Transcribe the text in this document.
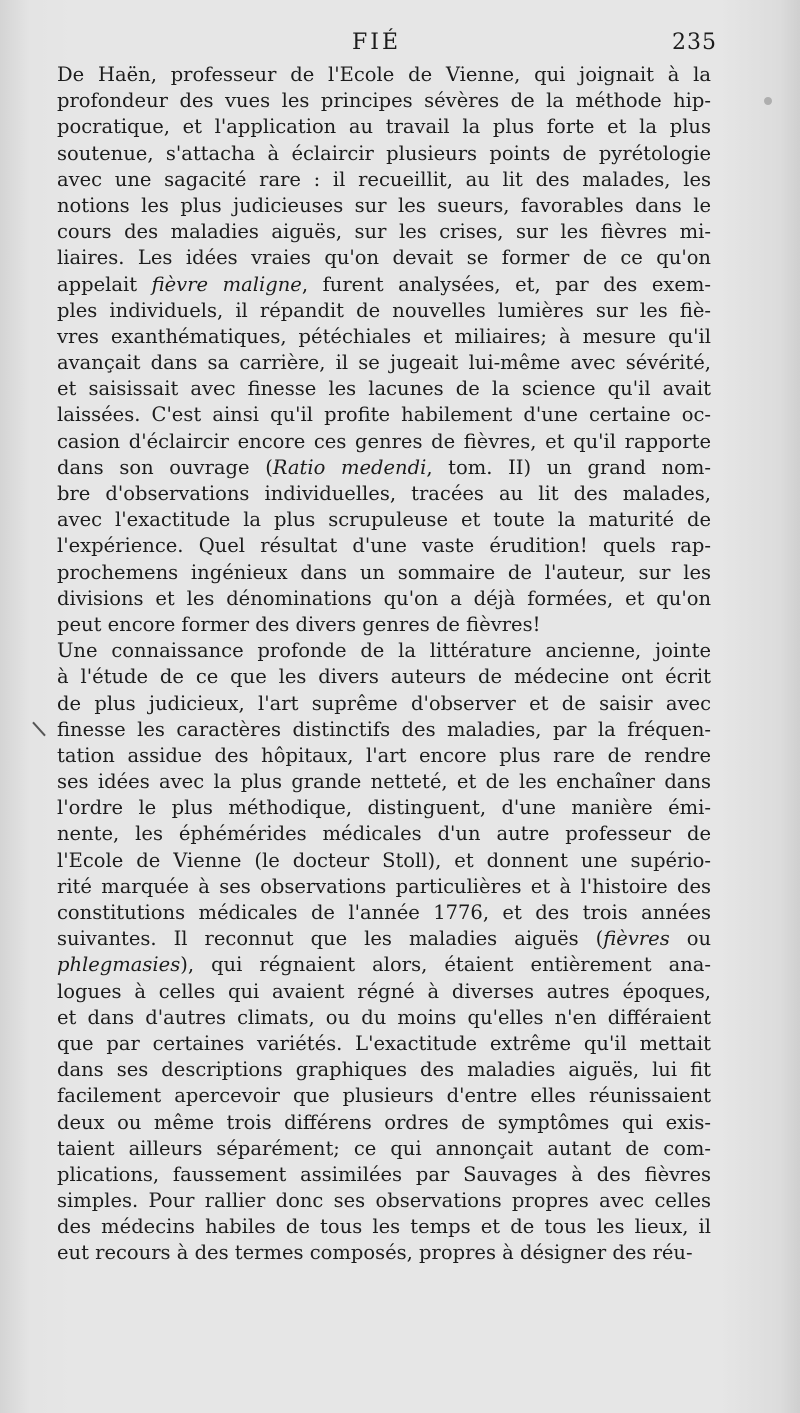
FIÉ	235
De Haën, professeur de l'Ecole de Vienne, qui joignait à la
profondeur des vues les principes sévères de la méthode hip-
pocratique, et l'application au travail la plus forte et la plus
soutenue, s'attacha à éclaircir plusieurs points de pyrétologie
avec une sagacité rare : il recueillit, au lit des malades, les
notions les plus judicieuses sur les sueurs, favorables dans le
cours des maladies aiguës, sur les crises, sur les fièvres mi-
liaires. Les idées vraies qu'on devait se former de ce qu'on
appelait fièvre maligne, furent analysées, et, par des exem-
ples individuels, il répandit de nouvelles lumières sur les fiè-
vres exanthématiques, pétéchiales et miliaires; à mesure qu'il
avançait dans sa carrière, il se jugeait lui-même avec sévérité,
et saisissait avec finesse les lacunes de la science qu'il avait
laissées. C'est ainsi qu'il profite habilement d'une certaine oc-
casion d'éclaircir encore ces genres de fièvres, et qu'il rapporte
dans son ouvrage (Ratio medendi, tom. II) un grand nom-
bre d'observations individuelles, tracées au lit des malades,
avec l'exactitude la plus scrupuleuse et toute la maturité de
l'expérience. Quel résultat d'une vaste érudition! quels rap-
prochemens ingénieux dans un sommaire de l'auteur, sur les
divisions et les dénominations qu'on a déjà formées, et qu'on
peut encore former des divers genres de fièvres!
Une connaissance profonde de la littérature ancienne, jointe
à l'étude de ce que les divers auteurs de médecine ont écrit
de plus judicieux, l'art suprême d'observer et de saisir avec
finesse les caractères distinctifs des maladies, par la fréquen-
tation assidue des hôpitaux, l'art encore plus rare de rendre
ses idées avec la plus grande netteté, et de les enchaîner dans
l'ordre le plus méthodique, distinguent, d'une manière émi-
nente, les éphémérides médicales d'un autre professeur de
l'Ecole de Vienne (le docteur Stoll), et donnent une supério-
rité marquée à ses observations particulières et à l'histoire des
constitutions médicales de l'année 1776, et des trois années
suivantes. Il reconnut que les maladies aiguës (fièvres ou
phlegmasies), qui régnaient alors, étaient entièrement ana-
logues à celles qui avaient régné à diverses autres époques,
et dans d'autres climats, ou du moins qu'elles n'en différaient
que par certaines variétés. L'exactitude extrême qu'il mettait
dans ses descriptions graphiques des maladies aiguës, lui fit
facilement apercevoir que plusieurs d'entre elles réunissaient
deux ou même trois différens ordres de symptômes qui exis-
taient ailleurs séparément; ce qui annonçait autant de com-
plications, faussement assimilées par Sauvages à des fièvres
simples. Pour rallier donc ses observations propres avec celles
des médecins habiles de tous les temps et de tous les lieux, il
eut recours à des termes composés, propres à désigner des réu-
